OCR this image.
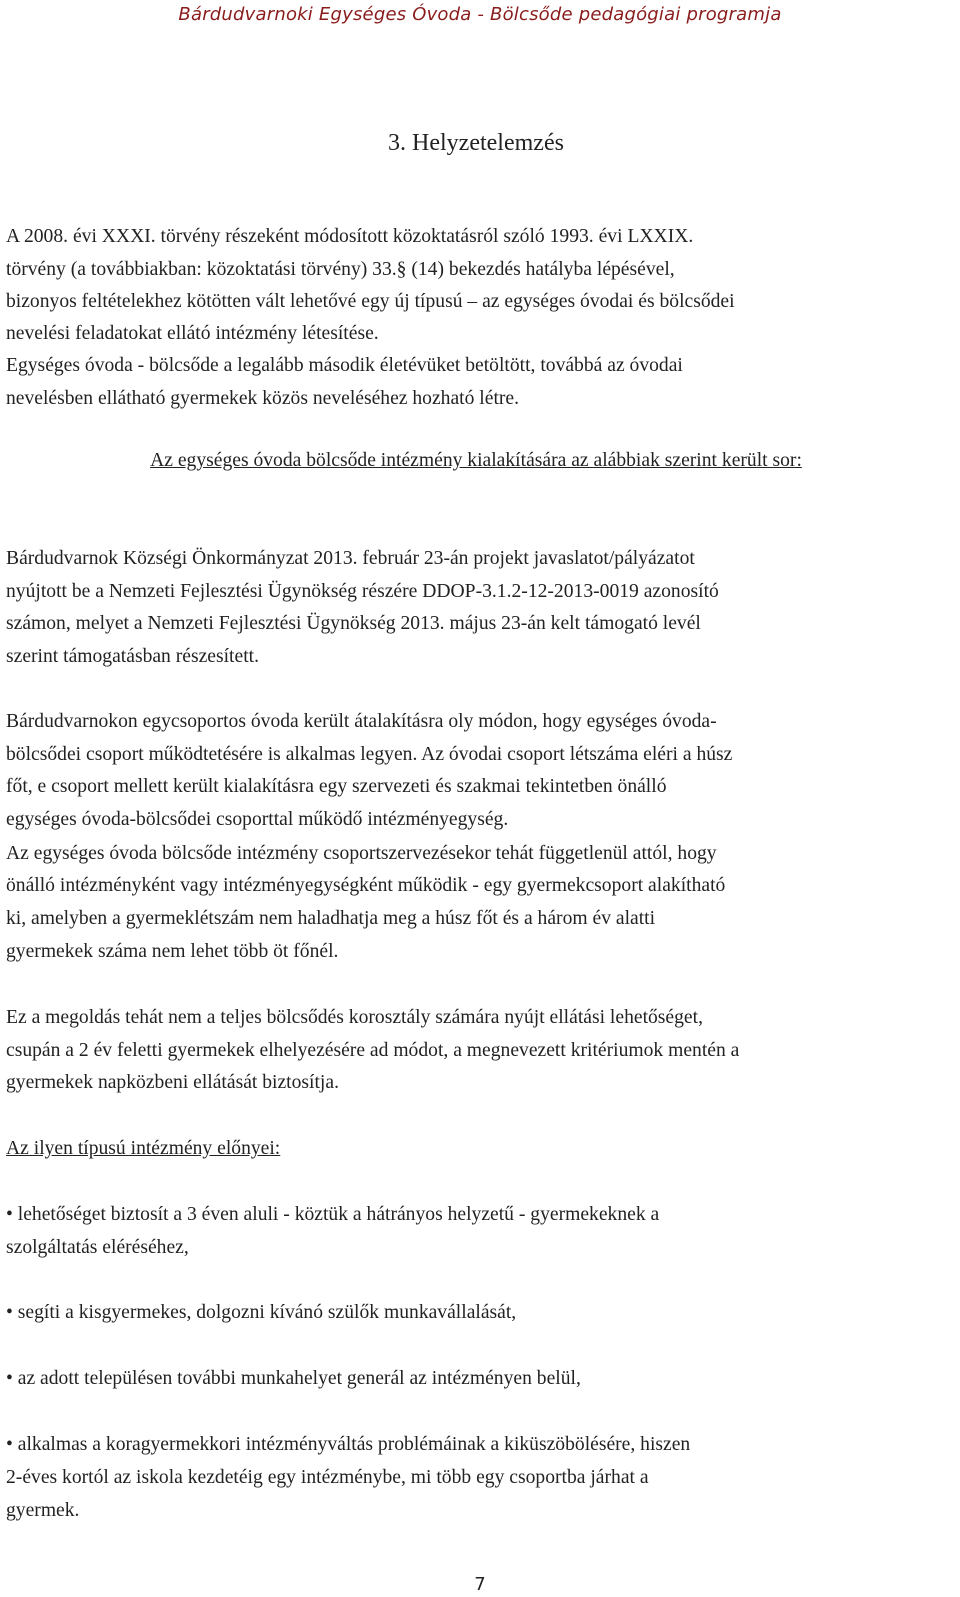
Bárdudvarnoki Egységes Óvoda - Bölcsőde pedagógiai programja
3. Helyzetelemzés
A 2008. évi XXXI. törvény részeként módosított közoktatásról szóló 1993. évi LXXIX.
törvény (a továbbiakban: közoktatási törvény) 33.§ (14) bekezdés hatályba lépésével,
bizonyos feltételekhez kötötten vált lehetővé egy új típusú – az egységes óvodai és bölcsődei
nevelési feladatokat ellátó intézmény létesítése.
Egységes óvoda - bölcsőde a legalább második életévüket betöltött, továbbá az óvodai
nevelésben ellátható gyermekek közös neveléséhez hozható létre.
Az egységes óvoda bölcsőde intézmény kialakítására az alábbiak szerint került sor:
Bárdudvarnok Községi Önkormányzat 2013. február 23-án projekt javaslatot/pályázatot
nyújtott be a Nemzeti Fejlesztési Ügynökség részére DDOP-3.1.2-12-2013-0019 azonosító
számon, melyet a Nemzeti Fejlesztési Ügynökség 2013. május 23-án kelt támogató levél
szerint támogatásban részesített.
Bárdudvarnokon egycsoportos óvoda került átalakításra oly módon, hogy egységes óvoda-
bölcsődei csoport működtetésére is alkalmas legyen. Az óvodai csoport létszáma eléri a húsz
főt, e csoport mellett került kialakításra egy szervezeti és szakmai tekintetben önálló
egységes óvoda-bölcsődei csoporttal működő intézményegység.
Az egységes óvoda bölcsőde intézmény csoportszervezésekor tehát függetlenül attól, hogy
önálló intézményként vagy intézményegységként működik - egy gyermekcsoport alakítható
ki, amelyben a gyermeklétszám nem haladhatja meg a húsz főt és a három év alatti
gyermekek száma nem lehet több öt főnél.
Ez a megoldás tehát nem a teljes bölcsődés korosztály számára nyújt ellátási lehetőséget,
csupán a 2 év feletti gyermekek elhelyezésére ad módot, a megnevezett kritériumok mentén a
gyermekek napközbeni ellátását biztosítja.
Az ilyen típusú intézmény előnyei:
• lehetőséget biztosít a 3 éven aluli - köztük a hátrányos helyzetű - gyermekeknek a
szolgáltatás eléréséhez,
• segíti a kisgyermekes, dolgozni kívánó szülők munkavállalását,
• az adott településen további munkahelyet generál az intézményen belül,
• alkalmas a koragyermekkori intézményváltás problémáinak a kiküszöbölésére, hiszen
2-éves kortól az iskola kezdetéig egy intézménybe, mi több egy csoportba járhat a
gyermek.
7
